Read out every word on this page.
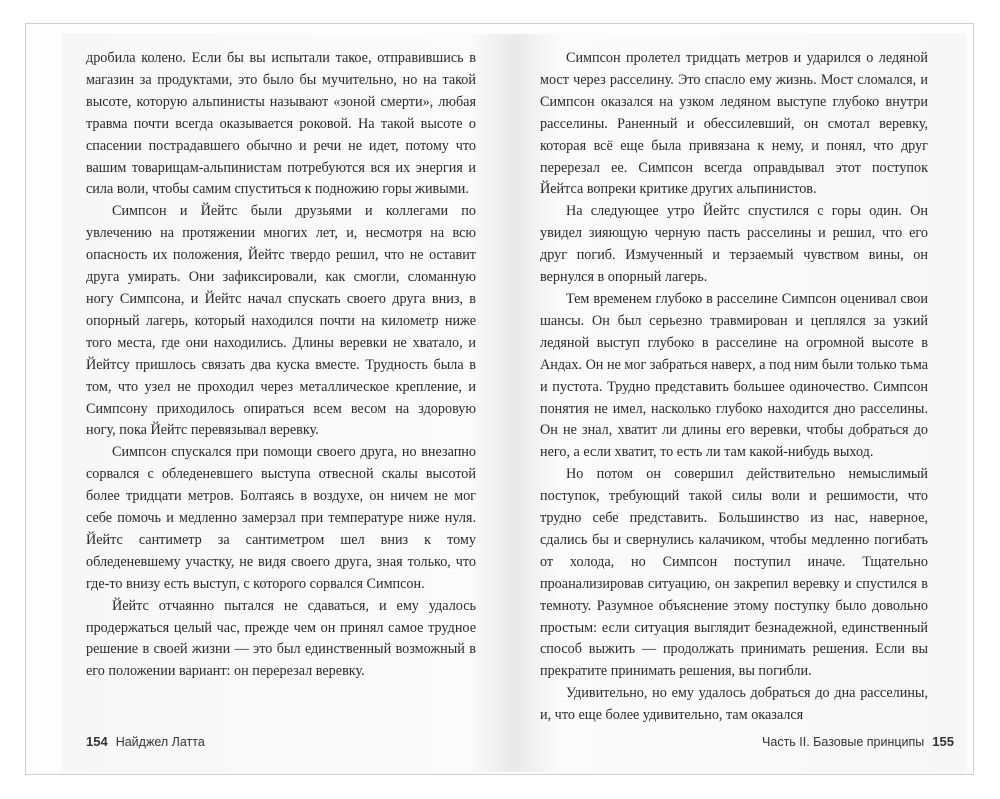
дробила колено. Если бы вы испытали такое, отправившись в магазин за продуктами, это было бы мучительно, но на такой высоте, которую альпинисты называют «зоной смерти», любая травма почти всегда оказывается роковой. На такой высоте о спасении пострадавшего обычно и речи не идет, потому что вашим товарищам-альпинистам потребуются вся их энергия и сила воли, чтобы самим спуститься к подножию горы живыми.

Симпсон и Йейтс были друзьями и коллегами по увлечению на протяжении многих лет, и, несмотря на всю опасность их положения, Йейтс твердо решил, что не оставит друга умирать. Они зафиксировали, как смогли, сломанную ногу Симпсона, и Йейтс начал спускать своего друга вниз, в опорный лагерь, который находился почти на километр ниже того места, где они находились. Длины веревки не хватало, и Йейтсу пришлось связать два куска вместе. Трудность была в том, что узел не проходил через металлическое крепление, и Симпсону приходилось опираться всем весом на здоровую ногу, пока Йейтс перевязывал веревку.

Симпсон спускался при помощи своего друга, но внезапно сорвался с обледеневшего выступа отвесной скалы высотой более тридцати метров. Болтаясь в воздухе, он ничем не мог себе помочь и медленно замерзал при температуре ниже нуля. Йейтс сантиметр за сантиметром шел вниз к тому обледеневшему участку, не видя своего друга, зная только, что где-то внизу есть выступ, с которого сорвался Симпсон.

Йейтс отчаянно пытался не сдаваться, и ему удалось продержаться целый час, прежде чем он принял самое трудное решение в своей жизни — это был единственный возможный в его положении вариант: он перерезал веревку.

154 Найджел Латта

Симпсон пролетел тридцать метров и ударился о ледяной мост через расселину. Это спасло ему жизнь. Мост сломался, и Симпсон оказался на узком ледяном выступе глубоко внутри расселины. Раненный и обессилевший, он смотал веревку, которая всё еще была привязана к нему, и понял, что друг перерезал ее. Симпсон всегда оправдывал этот поступок Йейтса вопреки критике других альпинистов.

На следующее утро Йейтс спустился с горы один. Он увидел зияющую черную пасть расселины и решил, что его друг погиб. Измученный и терзаемый чувством вины, он вернулся в опорный лагерь.

Тем временем глубоко в расселине Симпсон оценивал свои шансы. Он был серьезно травмирован и цеплялся за узкий ледяной выступ глубоко в расселине на огромной высоте в Андах. Он не мог забраться наверх, а под ним были только тьма и пустота. Трудно представить большее одиночество. Симпсон понятия не имел, насколько глубоко находится дно расселины. Он не знал, хватит ли длины его веревки, чтобы добраться до него, а если хватит, то есть ли там какой-нибудь выход.

Но потом он совершил действительно немыслимый поступок, требующий такой силы воли и решимости, что трудно себе представить. Большинство из нас, наверное, сдались бы и свернулись калачиком, чтобы медленно погибать от холода, но Симпсон поступил иначе. Тщательно проанализировав ситуацию, он закрепил веревку и спустился в темноту. Разумное объяснение этому поступку было довольно простым: если ситуация выглядит безнадежной, единственный способ выжить — продолжать принимать решения. Если вы прекратите принимать решения, вы погибли.

Удивительно, но ему удалось добраться до дна расселины, и, что еще более удивительно, там оказался

Часть II. Базовые принципы 155
